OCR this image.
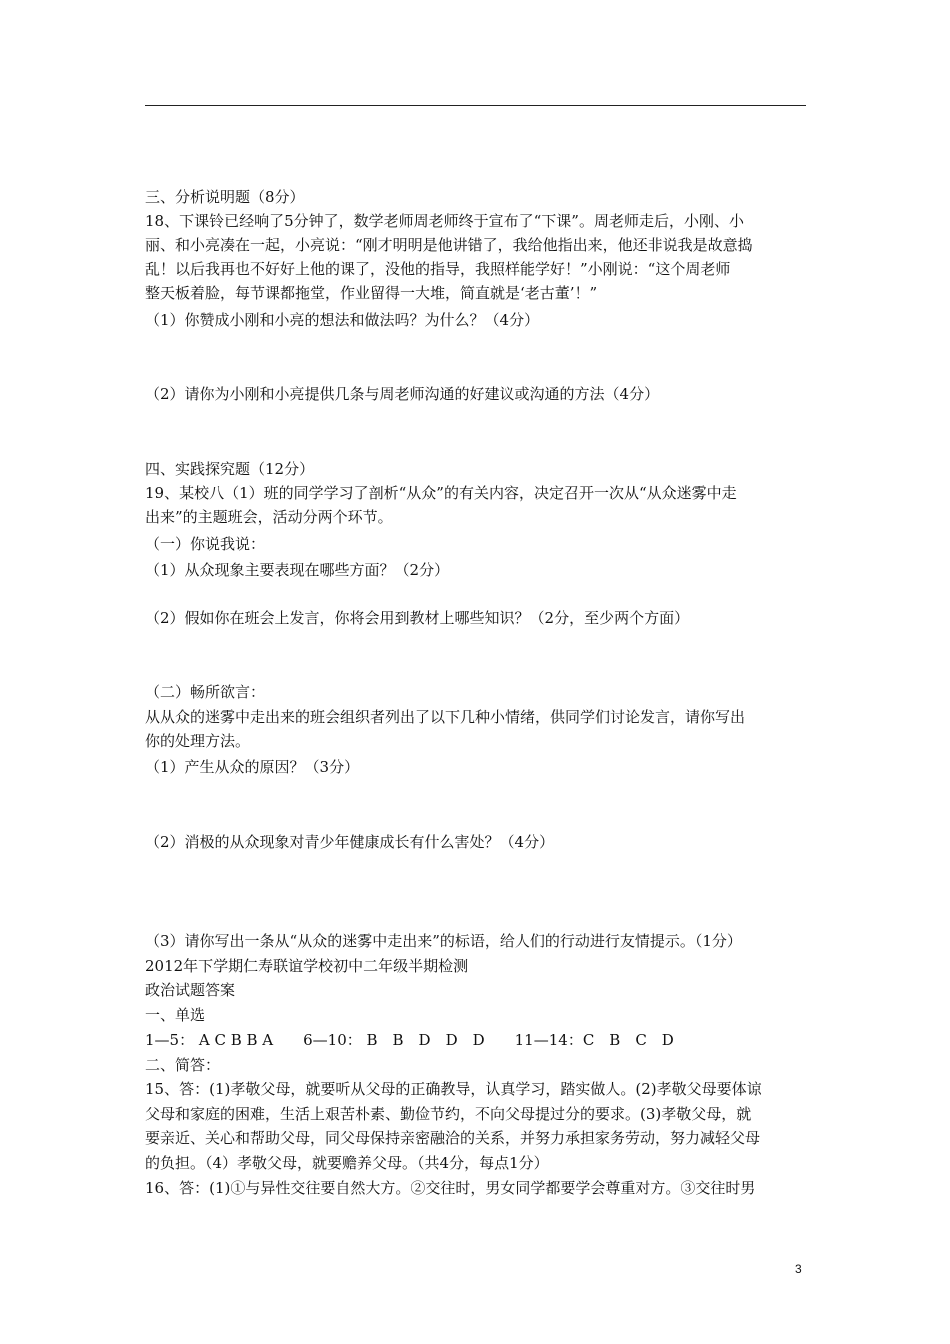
三、分析说明题（8分）
18、下课铃已经响了5分钟了，数学老师周老师终于宣布了“下课”。周老师走后，小刚、小
丽、和小亮凑在一起，小亮说：“刚才明明是他讲错了，我给他指出来，他还非说我是故意捣
乱！以后我再也不好好上他的课了，没他的指导，我照样能学好！”小刚说：“这个周老师
整天板着脸，每节课都拖堂，作业留得一大堆，简直就是‘老古董’！”
（1）你赞成小刚和小亮的想法和做法吗？为什么？（4分）
（2）请你为小刚和小亮提供几条与周老师沟通的好建议或沟通的方法（4分）
四、实践探究题（12分）
19、某校八（1）班的同学学习了剖析“从众”的有关内容，决定召开一次从“从众迷雾中走
出来”的主题班会，活动分两个环节。
（一）你说我说：
（1）从众现象主要表现在哪些方面？（2分）
（2）假如你在班会上发言，你将会用到教材上哪些知识？（2分，至少两个方面）
（二）畅所欲言：
从从众的迷雾中走出来的班会组织者列出了以下几种小情绪，供同学们讨论发言，请你写出
你的处理方法。
（1）产生从众的原因？（3分）
（2）消极的从众现象对青少年健康成长有什么害处？（4分）
（3）请你写出一条从“从众的迷雾中走出来”的标语，给人们的行动进行友情提示。（1分）
2012年下学期仁寿联谊学校初中二年级半期检测
政治试题答案
一、单选
1—5： A C B B A　　6—10： B　B　D　D　D　　11—14：C　B　C　D
二、简答：
15、答：(1)孝敬父母，就要听从父母的正确教导，认真学习，踏实做人。(2)孝敬父母要体谅
父母和家庭的困难，生活上艰苦朴素、勤俭节约，不向父母提过分的要求。(3)孝敬父母，就
要亲近、关心和帮助父母，同父母保持亲密融洽的关系，并努力承担家务劳动，努力减轻父母
的负担。（4）孝敬父母，就要赡养父母。（共4分，每点1分）
16、答：(1)①与异性交往要自然大方。②交往时，男女同学都要学会尊重对方。③交往时男
3
